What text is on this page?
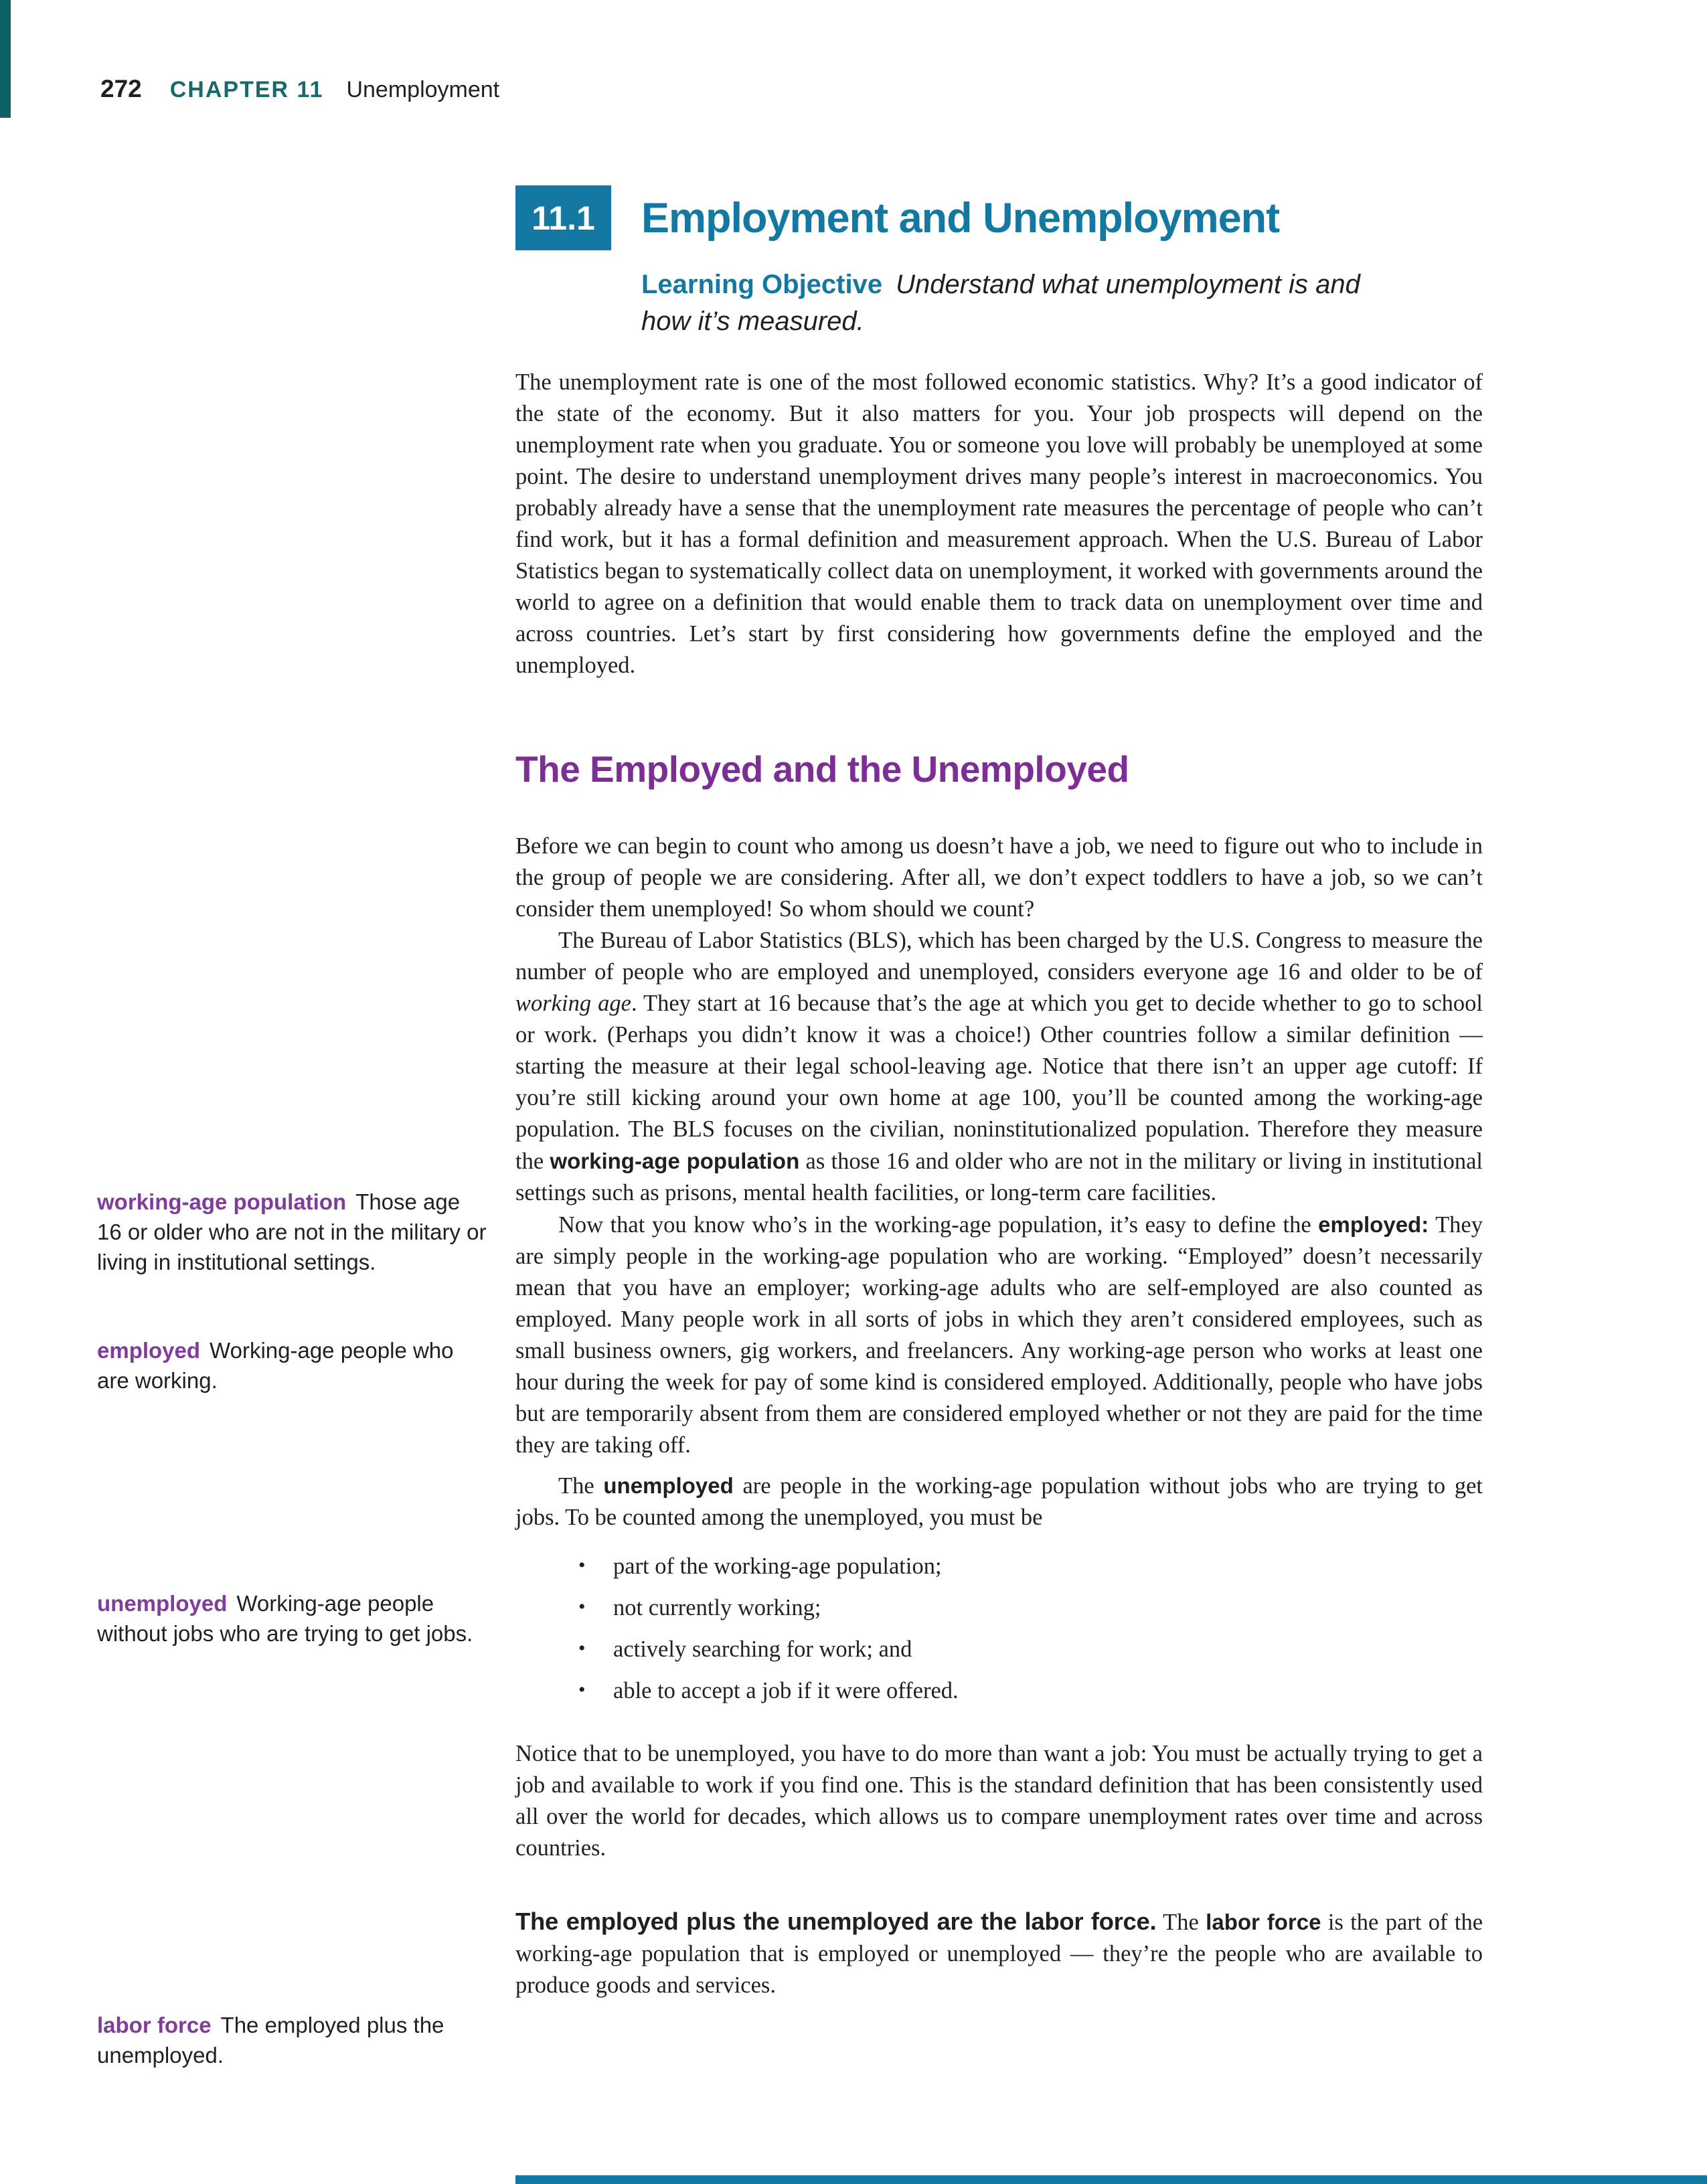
272 CHAPTER 11 Unemployment
11.1 Employment and Unemployment
Learning Objective Understand what unemployment is and how it’s measured.

The unemployment rate is one of the most followed economic statistics. Why? It’s a good indicator of the state of the economy. But it also matters for you. Your job prospects will depend on the unemployment rate when you graduate. You or someone you love will probably be unemployed at some point. The desire to understand unemployment drives many people’s interest in macroeconomics. You probably already have a sense that the unemployment rate measures the percentage of people who can’t find work, but it has a formal definition and measurement approach. When the U.S. Bureau of Labor Statistics began to systematically collect data on unemployment, it worked with governments around the world to agree on a definition that would enable them to track data on unemployment over time and across countries. Let’s start by first considering how governments define the employed and the unemployed.

The Employed and the Unemployed

Before we can begin to count who among us doesn’t have a job, we need to figure out who to include in the group of people we are considering. After all, we don’t expect toddlers to have a job, so we can’t consider them unemployed! So whom should we count?

The Bureau of Labor Statistics (BLS), which has been charged by the U.S. Congress to measure the number of people who are employed and unemployed, considers everyone age 16 and older to be of working age. They start at 16 because that’s the age at which you get to decide whether to go to school or work. (Perhaps you didn’t know it was a choice!) Other countries follow a similar definition — starting the measure at their legal school-leaving age. Notice that there isn’t an upper age cutoff: If you’re still kicking around your own home at age 100, you’ll be counted among the working-age population. The BLS focuses on the civilian, noninstitutionalized population. Therefore they measure the working-age population as those 16 and older who are not in the military or living in institutional settings such as prisons, mental health facilities, or long-term care facilities.

Now that you know who’s in the working-age population, it’s easy to define the employed: They are simply people in the working-age population who are working. “Employed” doesn’t necessarily mean that you have an employer; working-age adults who are self-employed are also counted as employed. Many people work in all sorts of jobs in which they aren’t considered employees, such as small business owners, gig workers, and freelancers. Any working-age person who works at least one hour during the week for pay of some kind is considered employed. Additionally, people who have jobs but are temporarily absent from them are considered employed whether or not they are paid for the time they are taking off.

The unemployed are people in the working-age population without jobs who are trying to get jobs. To be counted among the unemployed, you must be

• part of the working-age population;
• not currently working;
• actively searching for work; and
• able to accept a job if it were offered.

Notice that to be unemployed, you have to do more than want a job: You must be actually trying to get a job and available to work if you find one. This is the standard definition that has been consistently used all over the world for decades, which allows us to compare unemployment rates over time and across countries.

The employed plus the unemployed are the labor force. The labor force is the part of the working-age population that is employed or unemployed — they’re the people who are available to produce goods and services.

working-age population Those age 16 or older who are not in the military or living in institutional settings.
employed Working-age people who are working.
unemployed Working-age people without jobs who are trying to get jobs.
labor force The employed plus the unemployed.
